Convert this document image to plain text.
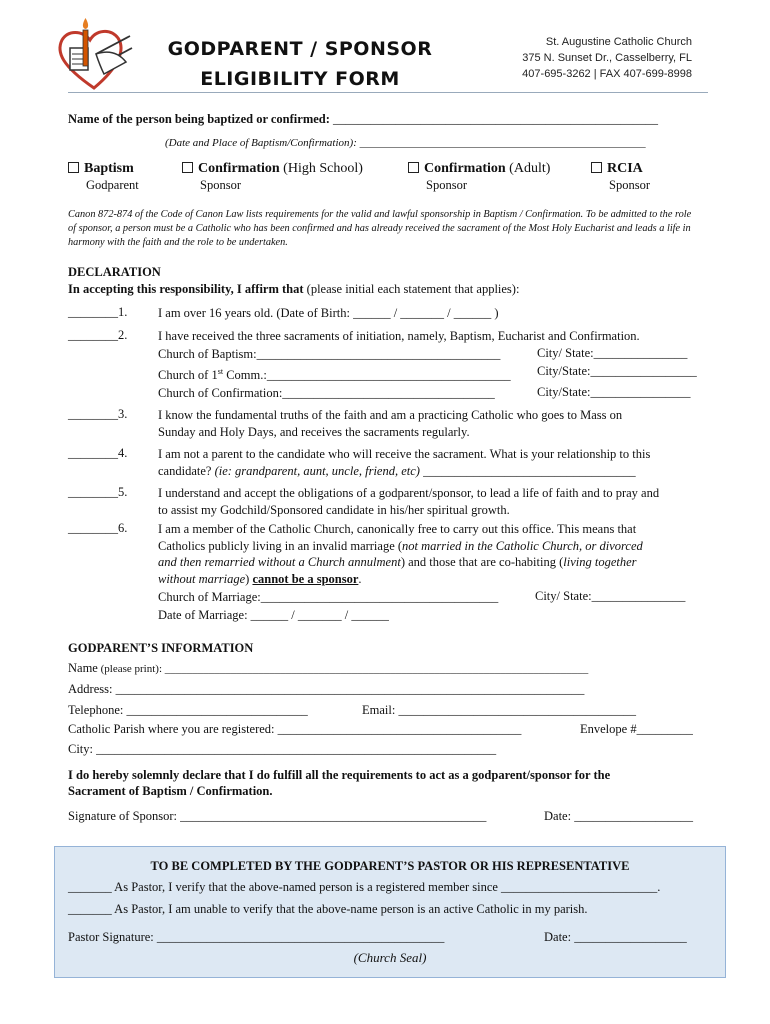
GODPARENT / SPONSOR
ELIGIBILITY FORM
St. Augustine Catholic Church
375 N. Sunset Dr., Casselberry, FL
407-695-3262 | FAX 407-699-8998
Name of the person being baptized or confirmed: ____________________________________________________
(Date and Place of Baptism/Confirmation): ____________________________________________________
Baptism
Godparent
Confirmation (High School)
Sponsor
Confirmation (Adult)
Sponsor
RCIA
Sponsor
Canon 872-874 of the Code of Canon Law lists requirements for the valid and lawful sponsorship in Baptism / Confirmation. To be admitted to the role of sponsor, a person must be a Catholic who has been confirmed and has already received the sacrament of the Most Holy Eucharist and leads a life in harmony with the faith and the role to be undertaken.
DECLARATION
In accepting this responsibility, I affirm that (please initial each statement that applies):
________1.	I am over 16 years old. (Date of Birth: ______ / _______ / ______ )
________2.	I have received the three sacraments of initiation, namely, Baptism, Eucharist and Confirmation.
Church of Baptism:_______________________________________	City/ State:_______________
Church of 1st Comm.:_______________________________________	City/State:_________________
Church of Confirmation:__________________________________	City/State:________________
________3.	I know the fundamental truths of the faith and am a practicing Catholic who goes to Mass on
Sunday and Holy Days, and receives the sacraments regularly.
________4.	I am not a parent to the candidate who will receive the sacrament. What is your relationship to this
candidate? (ie: grandparent, aunt, uncle, friend, etc) __________________________________
________5.	I understand and accept the obligations of a godparent/sponsor, to lead a life of faith and to pray and
to assist my Godchild/Sponsored candidate in his/her spiritual growth.
________6.	I am a member of the Catholic Church, canonically free to carry out this office. This means that
Catholics publicly living in an invalid marriage (not married in the Catholic Church, or divorced
and then remarried without a Church annulment) and those that are co-habiting (living together
without marriage) cannot be a sponsor.
Church of Marriage:______________________________________	City/ State:_______________
Date of Marriage: ______ / _______ / ______
GODPARENT’S INFORMATION
Name (please print): _____________________________________________________________________________
Address: ___________________________________________________________________________
Telephone: _____________________________	Email: ______________________________________
Catholic Parish where you are registered: _______________________________________	Envelope #_________
City: ________________________________________________________________
I do hereby solemnly declare that I do fulfill all the requirements to act as a godparent/sponsor for the
Sacrament of Baptism / Confirmation.
Signature of Sponsor: _________________________________________________	Date: ___________________
TO BE COMPLETED BY THE GODPARENT’S PASTOR OR HIS REPRESENTATIVE
_______ As Pastor, I verify that the above-named person is a registered member since _________________________.
_______ As Pastor, I am unable to verify that the above-name person is an active Catholic in my parish.
Pastor Signature: ______________________________________________	Date: __________________
(Church Seal)
